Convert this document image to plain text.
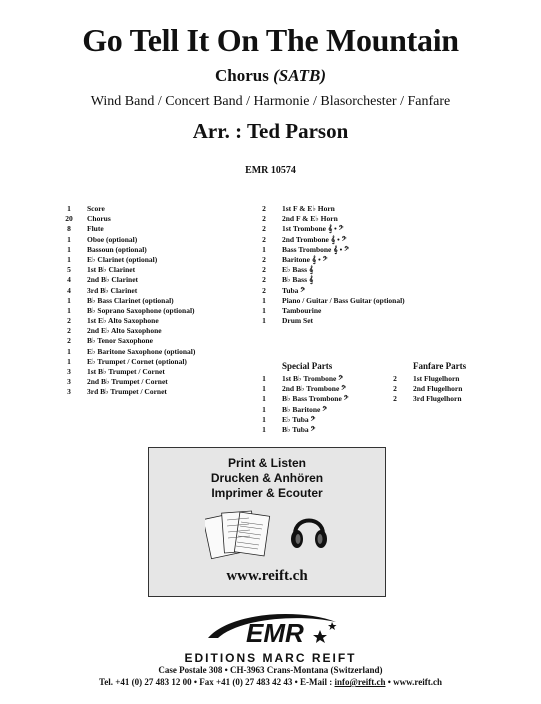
Go Tell It On The Mountain
Chorus (SATB)
Wind Band / Concert Band / Harmonie / Blasorchester / Fanfare
Arr. : Ted Parson
EMR 10574
1	Score
20	Chorus
8	Flute
1	Oboe (optional)
1	Bassoun (optional)
1	E♭ Clarinet (optional)
5	1st B♭ Clarinet
4	2nd B♭ Clarinet
4	3rd B♭ Clarinet
1	B♭ Bass Clarinet (optional)
1	B♭ Soprano Saxophone (optional)
2	1st E♭ Alto Saxophone
2	2nd E♭ Alto Saxophone
2	B♭ Tenor Saxophone
1	E♭ Baritone Saxophone (optional)
1	E♭ Trumpet / Cornet (optional)
3	1st B♭ Trumpet / Cornet
3	2nd B♭ Trumpet / Cornet
3	3rd B♭ Trumpet / Cornet
2	1st F & E♭ Horn
2	2nd F & E♭ Horn
2	1st Trombone 𝄞 • 𝄢
2	2nd Trombone 𝄞 • 𝄢
1	Bass Trombone 𝄞 • 𝄢
2	Baritone 𝄞 • 𝄢
2	E♭ Bass 𝄞
2	B♭ Bass 𝄞
2	Tuba 𝄢
1	Piano / Guitar / Bass Guitar (optional)
1	Tambourine
1	Drum Set
Special Parts
1	1st B♭ Trombone 𝄢
1	2nd B♭ Trombone 𝄢
1	B♭ Bass Trombone 𝄢
1	B♭ Baritone 𝄢
1	E♭ Tuba 𝄢
1	B♭ Tuba 𝄢
Fanfare Parts
2	1st Flugelhorn
2	2nd Flugelhorn
2	3rd Flugelhorn
Print & Listen
Drucken & Anhören
Imprimer & Ecouter
www.reift.ch
EMR
EDITIONS MARC REIFT
Case Postale 308 • CH-3963 Crans-Montana (Switzerland)
Tel. +41 (0) 27 483 12 00 • Fax +41 (0) 27 483 42 43 • E-Mail : info@reift.ch • www.reift.ch
